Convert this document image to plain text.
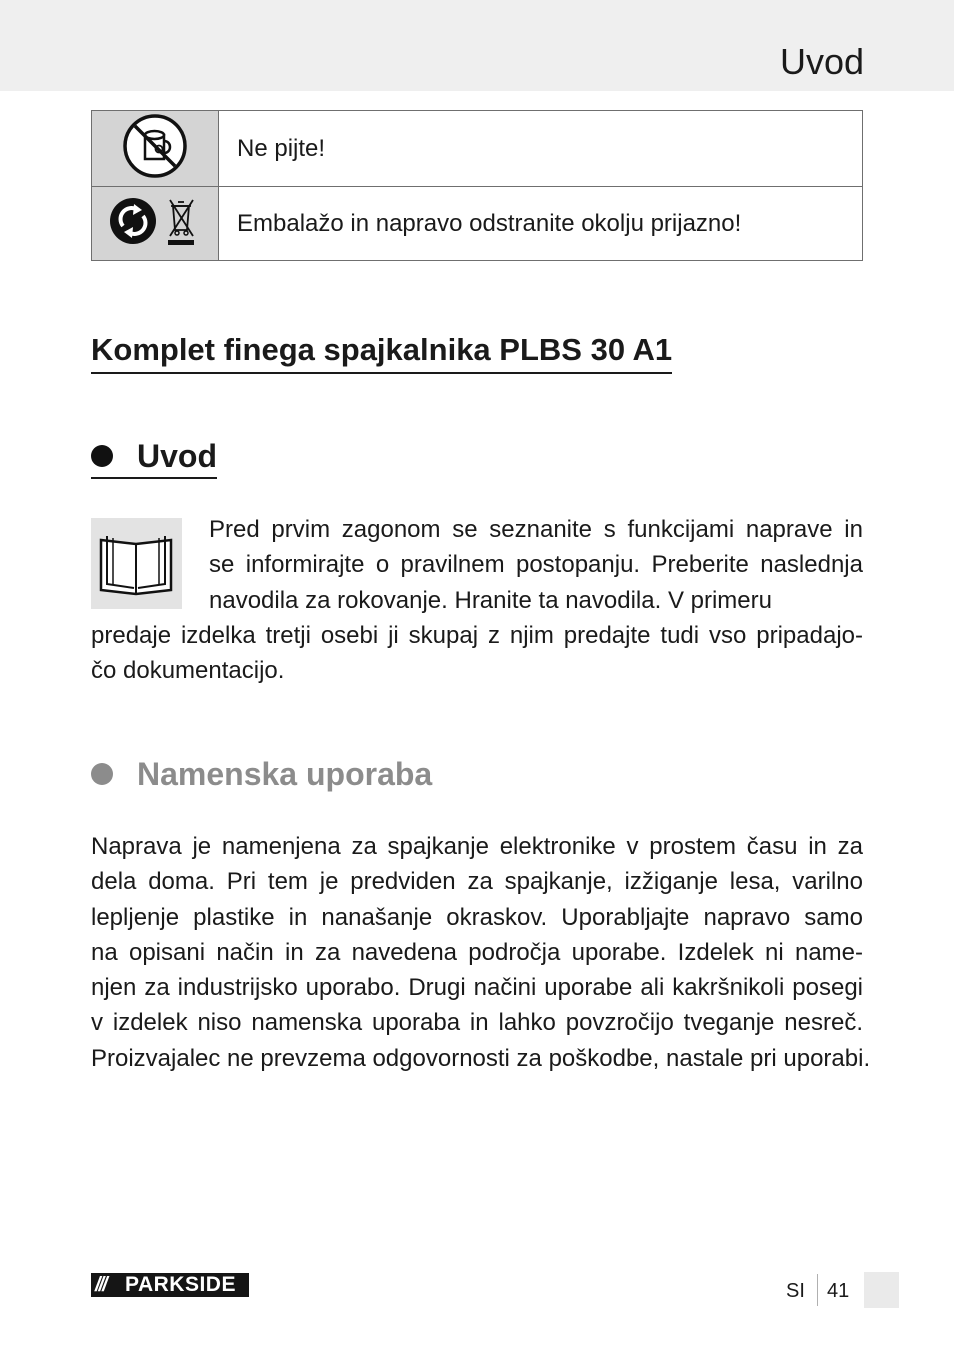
Uvod
	Ne pijte!
	Embalažo in napravo odstranite okolju prijazno!
Komplet finega spajkalnika PLBS 30 A1
Uvod
Pred prvim zagonom se seznanite s funkcijami naprave in
se informirajte o pravilnem postopanju. Preberite naslednja
navodila za rokovanje. Hranite ta navodila. V primeru
predaje izdelka tretji osebi ji skupaj z njim predajte tudi vso pripadajo-
čo dokumentacijo.
Namenska uporaba
Naprava je namenjena za spajkanje elektronike v prostem času in za
dela doma. Pri tem je predviden za spajkanje, izžiganje lesa, varilno
lepljenje plastike in nanašanje okraskov. Uporabljajte napravo samo
na opisani način in za navedena področja uporabe. Izdelek ni name-
njen za industrijsko uporabo. Drugi načini uporabe ali kakršnikoli posegi
v izdelek niso namenska uporaba in lahko povzročijo tveganje nesreč.
Proizvajalec ne prevzema odgovornosti za poškodbe, nastale pri uporabi.
/// PARKSIDE	SI 41
